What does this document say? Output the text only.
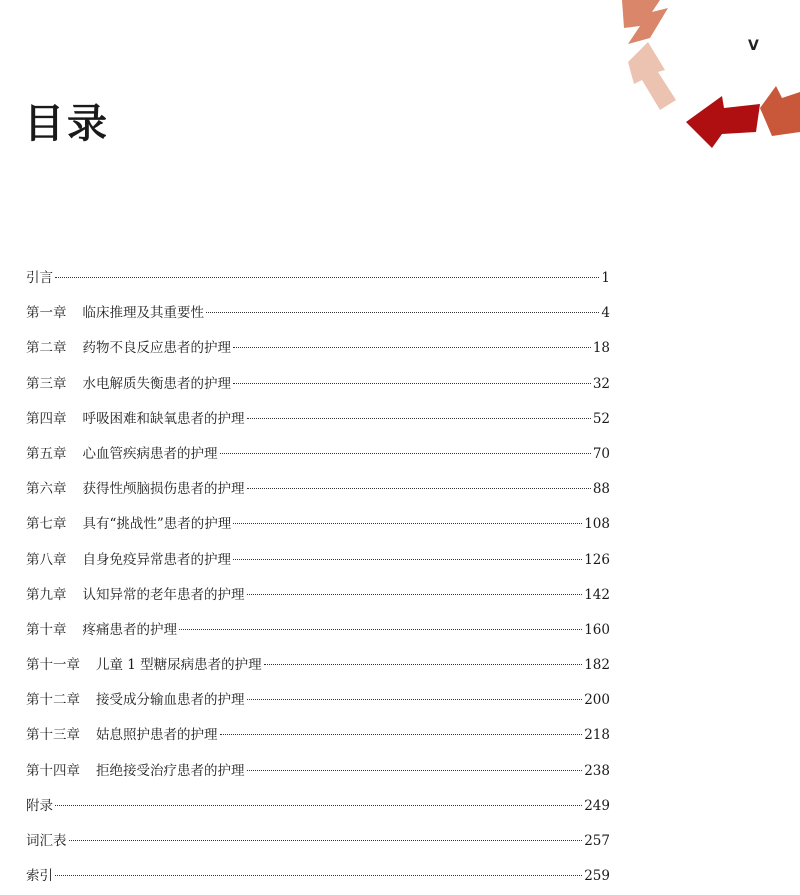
V
目录
引言	1
第一章 临床推理及其重要性	4
第二章 药物不良反应患者的护理	18
第三章 水电解质失衡患者的护理	32
第四章 呼吸困难和缺氧患者的护理	52
第五章 心血管疾病患者的护理	70
第六章 获得性颅脑损伤患者的护理	88
第七章 具有“挑战性”患者的护理	108
第八章 自身免疫异常患者的护理	126
第九章 认知异常的老年患者的护理	142
第十章 疼痛患者的护理	160
第十一章 儿童 1 型糖尿病患者的护理	182
第十二章 接受成分输血患者的护理	200
第十三章 姑息照护患者的护理	218
第十四章 拒绝接受治疗患者的护理	238
附录	249
词汇表	257
索引	259
